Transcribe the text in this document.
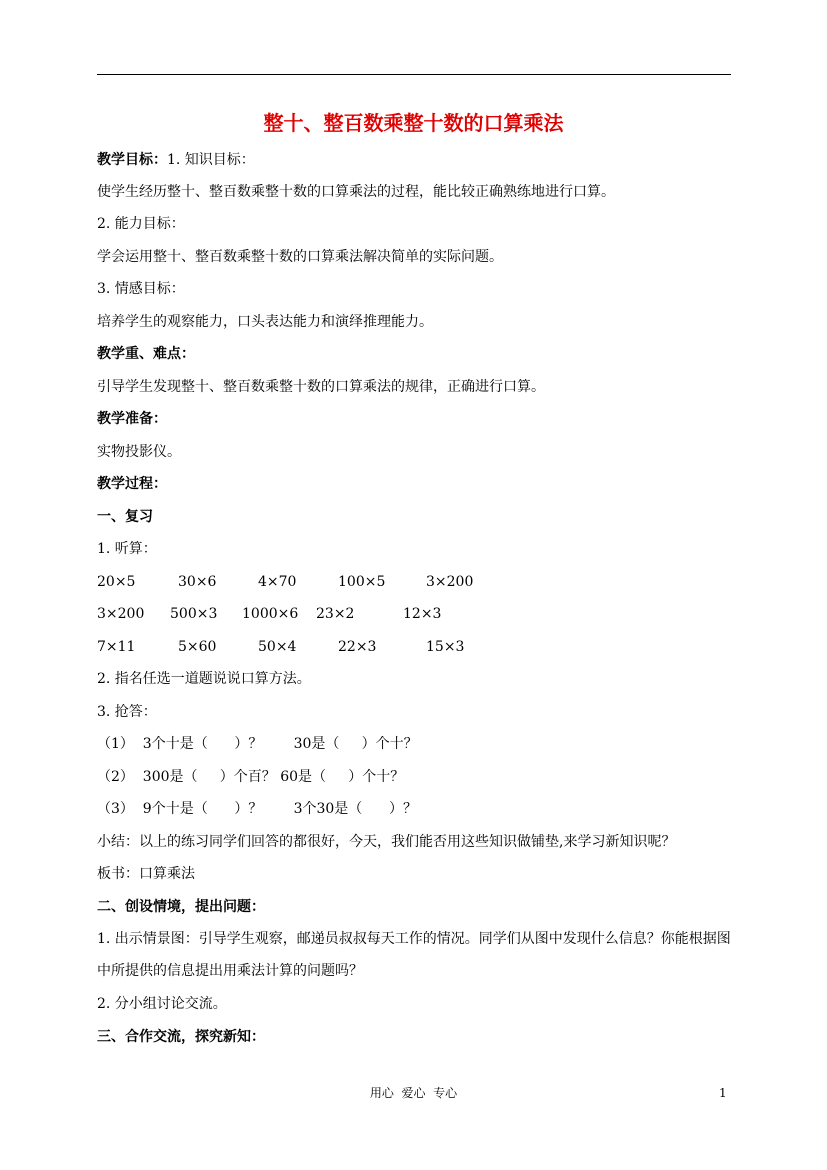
整十、整百数乘整十数的口算乘法
教学目标：1. 知识目标：
使学生经历整十、整百数乘整十数的口算乘法的过程，能比较正确熟练地进行口算。
2. 能力目标：
学会运用整十、整百数乘整十数的口算乘法解决简单的实际问题。
3. 情感目标：
培养学生的观察能力，口头表达能力和演绎推理能力。
教学重、难点：
引导学生发现整十、整百数乘整十数的口算乘法的规律，正确进行口算。
教学准备：
实物投影仪。
教学过程：
一、复习
1. 听算：
20×5	30×6	4×70	100×5	3×200
3×200 500×3 1000×6 23×2	12×3
7×11	5×60	50×4	22×3	15×3
2. 指名任选一道题说说口算方法。
3. 抢答：
（1）  3个十是（      ）？       30是（     ）个十？
（2）  300是（     ）个百？ 60是（     ）个十？
（3）  9个十是（      ）？       3个30是（      ）？
小结：以上的练习同学们回答的都很好，今天，我们能否用这些知识做铺垫,来学习新知识呢？
板书：口算乘法
二、创设情境，提出问题：
1. 出示情景图：引导学生观察，邮递员叔叔每天工作的情况。同学们从图中发现什么信息？你能根据图中所提供的信息提出用乘法计算的问题吗？
2. 分小组讨论交流。
三、合作交流，探究新知：
用心  爱心  专心	1
